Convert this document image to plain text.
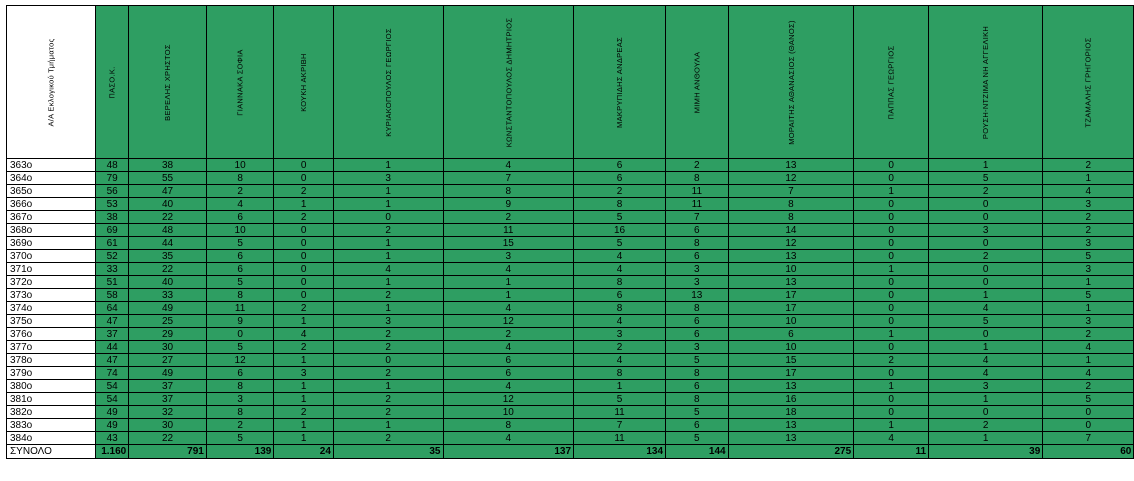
Α/Α Εκλογικού Τμήματος	ΠΑΣΟ.Κ.	ΒΕΡΕΛΗΣ ΧΡΗΣΤΟΣ	ΓΙΑΝΝΑΚΑ ΣΟΦΙΑ	ΚΟΥΚΗ ΑΚΡΙΒΗ	ΚΥΡΙΑΚΟΠΟΥΛΟΣ ΓΕΩΡΓΙΟΣ	ΚΩΝΣΤΑΝΤΟΠΟΥΛΟΣ ΔΗΜΗΤΡΙΟΣ	ΜΑΚΡΥΠΙΔΗΣ ΑΝΔΡΕΑΣ	ΜΙΜΗ ΑΝΘΟΥΛΑ	ΜΟΡΑΙΤΗΣ ΑΘΑΝΑΣΙΟΣ (ΘΑΝΟΣ)	ΠΑΠΠΑΣ ΓΕΩΡΓΙΟΣ	ΡΟΥΣΗ-ΝΤΖΙΜΑ ΝΗ ΑΓΓΕΛΙΚΗ	ΤΖΑΜΑΛΗΣ ΓΡΗΓΟΡΙΟΣ

363ο	48	38	10	0	1	4	6	2	13	0	1	2
364ο	79	55	8	0	3	7	6	8	12	0	5	1
365ο	56	47	2	2	1	8	2	11	7	1	2	4
366ο	53	40	4	1	1	9	8	11	8	0	0	3
367ο	38	22	6	2	0	2	5	7	8	0	0	2
368ο	69	48	10	0	2	11	16	6	14	0	3	2
369ο	61	44	5	0	1	15	5	8	12	0	0	3
370ο	52	35	6	0	1	3	4	6	13	0	2	5
371ο	33	22	6	0	4	4	4	3	10	1	0	3
372ο	51	40	5	0	1	1	8	3	13	0	0	1
373ο	58	33	8	0	2	1	6	13	17	0	1	5
374ο	64	49	11	2	1	4	8	8	17	0	4	1
375ο	47	25	9	1	3	12	4	6	10	0	5	3
376ο	37	29	0	4	2	2	3	6	6	1	0	2
377ο	44	30	5	2	2	4	2	3	10	0	1	4
378ο	47	27	12	1	0	6	4	5	15	2	4	1
379ο	74	49	6	3	2	6	8	8	17	0	4	4
380ο	54	37	8	1	1	4	1	6	13	1	3	2
381ο	54	37	3	1	2	12	5	8	16	0	1	5
382ο	49	32	8	2	2	10	11	5	18	0	0	0
383ο	49	30	2	1	1	8	7	6	13	1	2	0
384ο	43	22	5	1	2	4	11	5	13	4	1	7
ΣΥΝΟΛΟ	1.160	791	139	24	35	137	134	144	275	11	39	60
